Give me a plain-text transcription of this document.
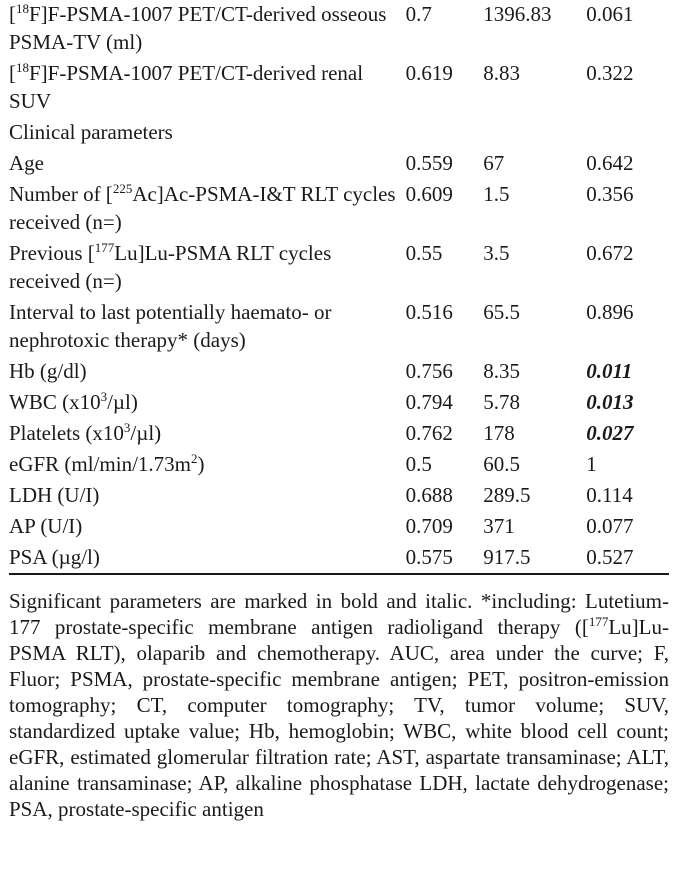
[$^{18}$F]F-PSMA-1007 PET/CT-derived osseous PSMA-TV (ml)	0.7	1396.83	0.061
[$^{18}$F]F-PSMA-1007 PET/CT-derived renal SUV	0.619	8.83	0.322
Clinical parameters			
Age	0.559	67	0.642
Number of [$^{225}$Ac]Ac-PSMA-I&T RLT cycles received (n=)	0.609	1.5	0.356
Previous [$^{177}$Lu]Lu-PSMA RLT cycles received (n=)	0.55	3.5	0.672
Interval to last potentially haemato- or nephrotoxic therapy* (days)	0.516	65.5	0.896
Hb (g/dl)	0.756	8.35	0.011
WBC $(x10^3/\mu l)$	0.794	5.78	0.013
Platelets $(x10^3/\mu l)$	0.762	178	0.027
eGFR $(ml/\min/1.73m^2)$	0.5	60.5	1
LDH (U/I)	0.688	289.5	0.114
AP (U/I)	0.709	371	0.077
PSA (µg/l)	0.575	917.5	0.527

Significant parameters are marked in bold and italic. *including: Lutetium-177 prostate-specific membrane antigen radioligand therapy ([$^{177}$Lu]Lu-PSMA RLT), olaparib and chemotherapy. AUC, area under the curve; F, Fluor; PSMA, prostate-specific membrane antigen; PET, positron-emission tomography; CT, computer tomography; TV, tumor volume; SUV, standardized uptake value; Hb, hemoglobin; WBC, white blood cell count; eGFR, estimated glomerular filtration rate; AST, aspartate transaminase; ALT, alanine transaminase; AP, alkaline phosphatase LDH, lactate dehydrogenase; PSA, prostate-specific antigen
